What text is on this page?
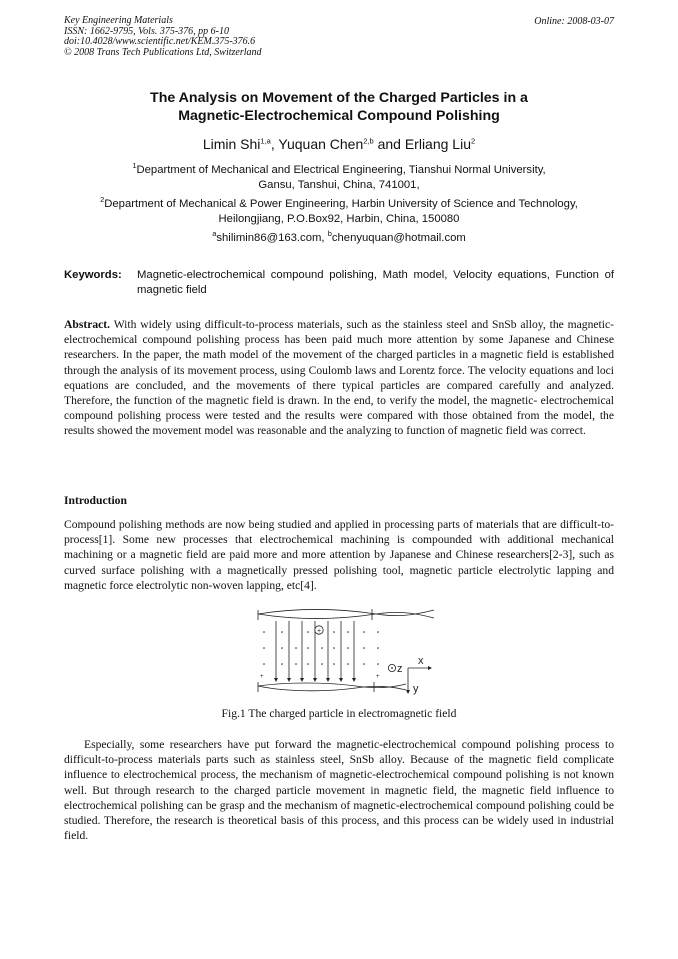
Key Engineering Materials
ISSN: 1662-9795, Vols. 375-376, pp 6-10
doi:10.4028/www.scientific.net/KEM.375-376.6
© 2008 Trans Tech Publications Ltd, Switzerland
Online: 2008-03-07
The Analysis on Movement of the Charged Particles in a
Magnetic-Electrochemical Compound Polishing
Limin Shi$^{1,a}$, Yuquan Chen$^{2,b}$ and Erliang Liu$^2$
$^1$Department of Mechanical and Electrical Engineering, Tianshui Normal University,
Gansu, Tanshui, China, 741001,
$^2$Department of Mechanical & Power Engineering, Harbin University of Science and Technology,
Heilongjiang, P.O.Box92, Harbin, China, 150080
$^a$shilimin86@163.com, $^b$chenyuquan@hotmail.com
Keywords: Magnetic-electrochemical compound polishing, Math model, Velocity equations, Function of magnetic field
Abstract. With widely using difficult-to-process materials, such as the stainless steel and SnSb alloy, the magnetic-electrochemical compound polishing process has been paid much more attention by some Japanese and Chinese researchers. In the paper, the math model of the movement of the charged particles in a magnetic field is established through the analysis of its movement process, using Coulomb laws and Lorentz force. The velocity equations and loci equations are concluded, and the movements of there typical particles are compared carefully and analyzed. Therefore, the function of the magnetic field is drawn. In the end, to verify the model, the magnetic- electrochemical compound polishing process were tested and the results were compared with those obtained from the model, the results showed the movement model was reasonable and the analyzing to function of magnetic field was correct.
Introduction
Compound polishing methods are now being studied and applied in processing parts of materials that are difficult-to-process[1]. Some new processes that electrochemical machining is compounded with additional mechanical machining or a magnetic field are paid more and more attention by Japanese and Chinese researchers[2-3], such as curved surface polishing with a magnetically pressed polishing tool, magnetic particle electrolytic lapping and magnetic force electrolytic non-woven lapping, etc[4].
+
+	+
z
x
y
Fig.1 The charged particle in electromagnetic field
Especially, some researchers have put forward the magnetic-electrochemical compound polishing process to difficult-to-process materials parts such as stainless steel, SnSb alloy. Because of the magnetic field complicate influence to electrochemical process, the mechanism of magnetic-electrochemical compound polishing is not known well. But through research to the charged particle movement in magnetic field, the magnetic field influence to electrochemical polishing can be grasp and the mechanism of magnetic-electrochemical compound polishing could be studied. Therefore, the research is theoretical basis of this process, and this process can be widely used in industrial field.
